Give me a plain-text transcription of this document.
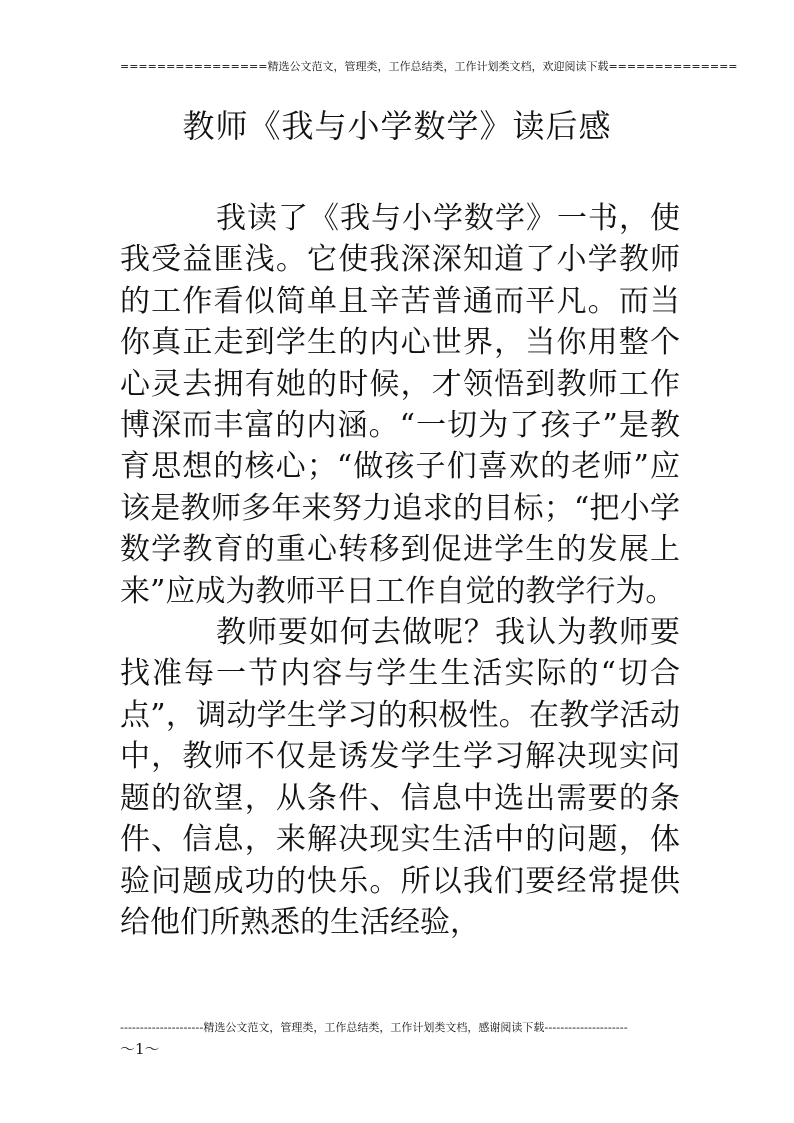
================精选公文范文，管理类，工作总结类，工作计划类文档，欢迎阅读下载==============
教师《我与小学数学》读后感

我读了《我与小学数学》一书，使我受益匪浅。它使我深深知道了小学教师的工作看似简单且辛苦普通而平凡。而当你真正走到学生的内心世界，当你用整个心灵去拥有她的时候，才领悟到教师工作博深而丰富的内涵。“一切为了孩子”是教育思想的核心；“做孩子们喜欢的老师”应该是教师多年来努力追求的目标；“把小学数学教育的重心转移到促进学生的发展上来”应成为教师平日工作自觉的教学行为。

教师要如何去做呢？我认为教师要找准每一节内容与学生生活实际的“切合点”，调动学生学习的积极性。在教学活动中，教师不仅是诱发学生学习解决现实问题的欲望，从条件、信息中选出需要的条件、信息，来解决现实生活中的问题，体验问题成功的快乐。所以我们要经常提供给他们所熟悉的生活经验，

---------------------精选公文范文，管理类，工作总结类，工作计划类文档，感谢阅读下载---------------------
～1～
